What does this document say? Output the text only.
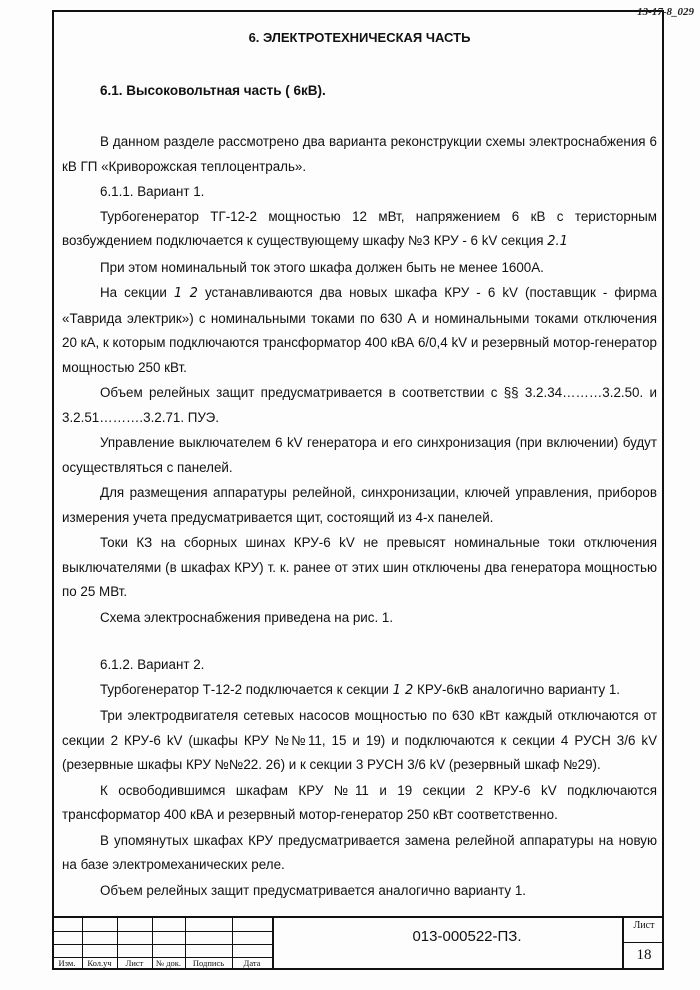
13-17-8_029
6. ЭЛЕКТРОТЕХНИЧЕСКАЯ ЧАСТЬ
6.1. Высоковольтная часть ( 6кВ).
В данном разделе рассмотрено два варианта реконструкции схемы электроснабжения 6 кВ ГП «Криворожская теплоцентраль».
6.1.1. Вариант 1.
Турбогенератор ТГ-12-2 мощностью 12 мВт, напряжением 6 кВ с теристорным возбуждением подключается к существующему шкафу №3 КРУ - 6 kV секция 2.1
При этом номинальный ток этого шкафа должен быть не менее 1600А.
На секции 1 2 устанавливаются два новых шкафа КРУ - 6 kV (поставщик - фирма «Таврида электрик») с номинальными токами по 630 А и номинальными токами отключения 20 кА, к которым подключаются трансформатор 400 кВА 6/0,4 kV и резервный мотор-генератор мощностью 250 кВт.
Объем релейных защит предусматривается в соответствии с §§ 3.2.34………3.2.50. и 3.2.51……….3.2.71. ПУЭ.
Управление выключателем 6 kV генератора и его синхронизация (при включении) будут осуществляться с панелей.
Для размещения аппаратуры релейной, синхронизации, ключей управления, приборов измерения учета предусматривается щит, состоящий из 4-х панелей.
Токи КЗ на сборных шинах КРУ-6 kV не превысят номинальные токи отключения выключателями (в шкафах КРУ) т. к. ранее от этих шин отключены два генератора мощностью по 25 МВт.
Схема электроснабжения приведена на рис. 1.
6.1.2. Вариант 2.
Турбогенератор Т-12-2 подключается к секции 1 2 КРУ-6кВ аналогично варианту 1.
Три электродвигателя сетевых насосов мощностью по 630 кВт каждый отключаются от секции 2 КРУ-6 kV (шкафы КРУ №№11, 15 и 19) и подключаются к секции 4 РУСН 3/6 kV (резервные шкафы КРУ №№22. 26) и к секции 3 РУСН 3/6 kV (резервный шкаф №29).
К освободившимся шкафам КРУ №11 и 19 секции 2 КРУ-6 kV подключаются трансформатор 400 кВА и резервный мотор-генератор 250 кВт соответственно.
В упомянутых шкафах КРУ предусматривается замена релейной аппаратуры на новую на базе электромеханических реле.
Объем релейных защит предусматривается аналогично варианту 1.
Изм.	Кол.уч	Лист	№ док.	Подпись	Дата
013-000522-ПЗ.
Лист
18
